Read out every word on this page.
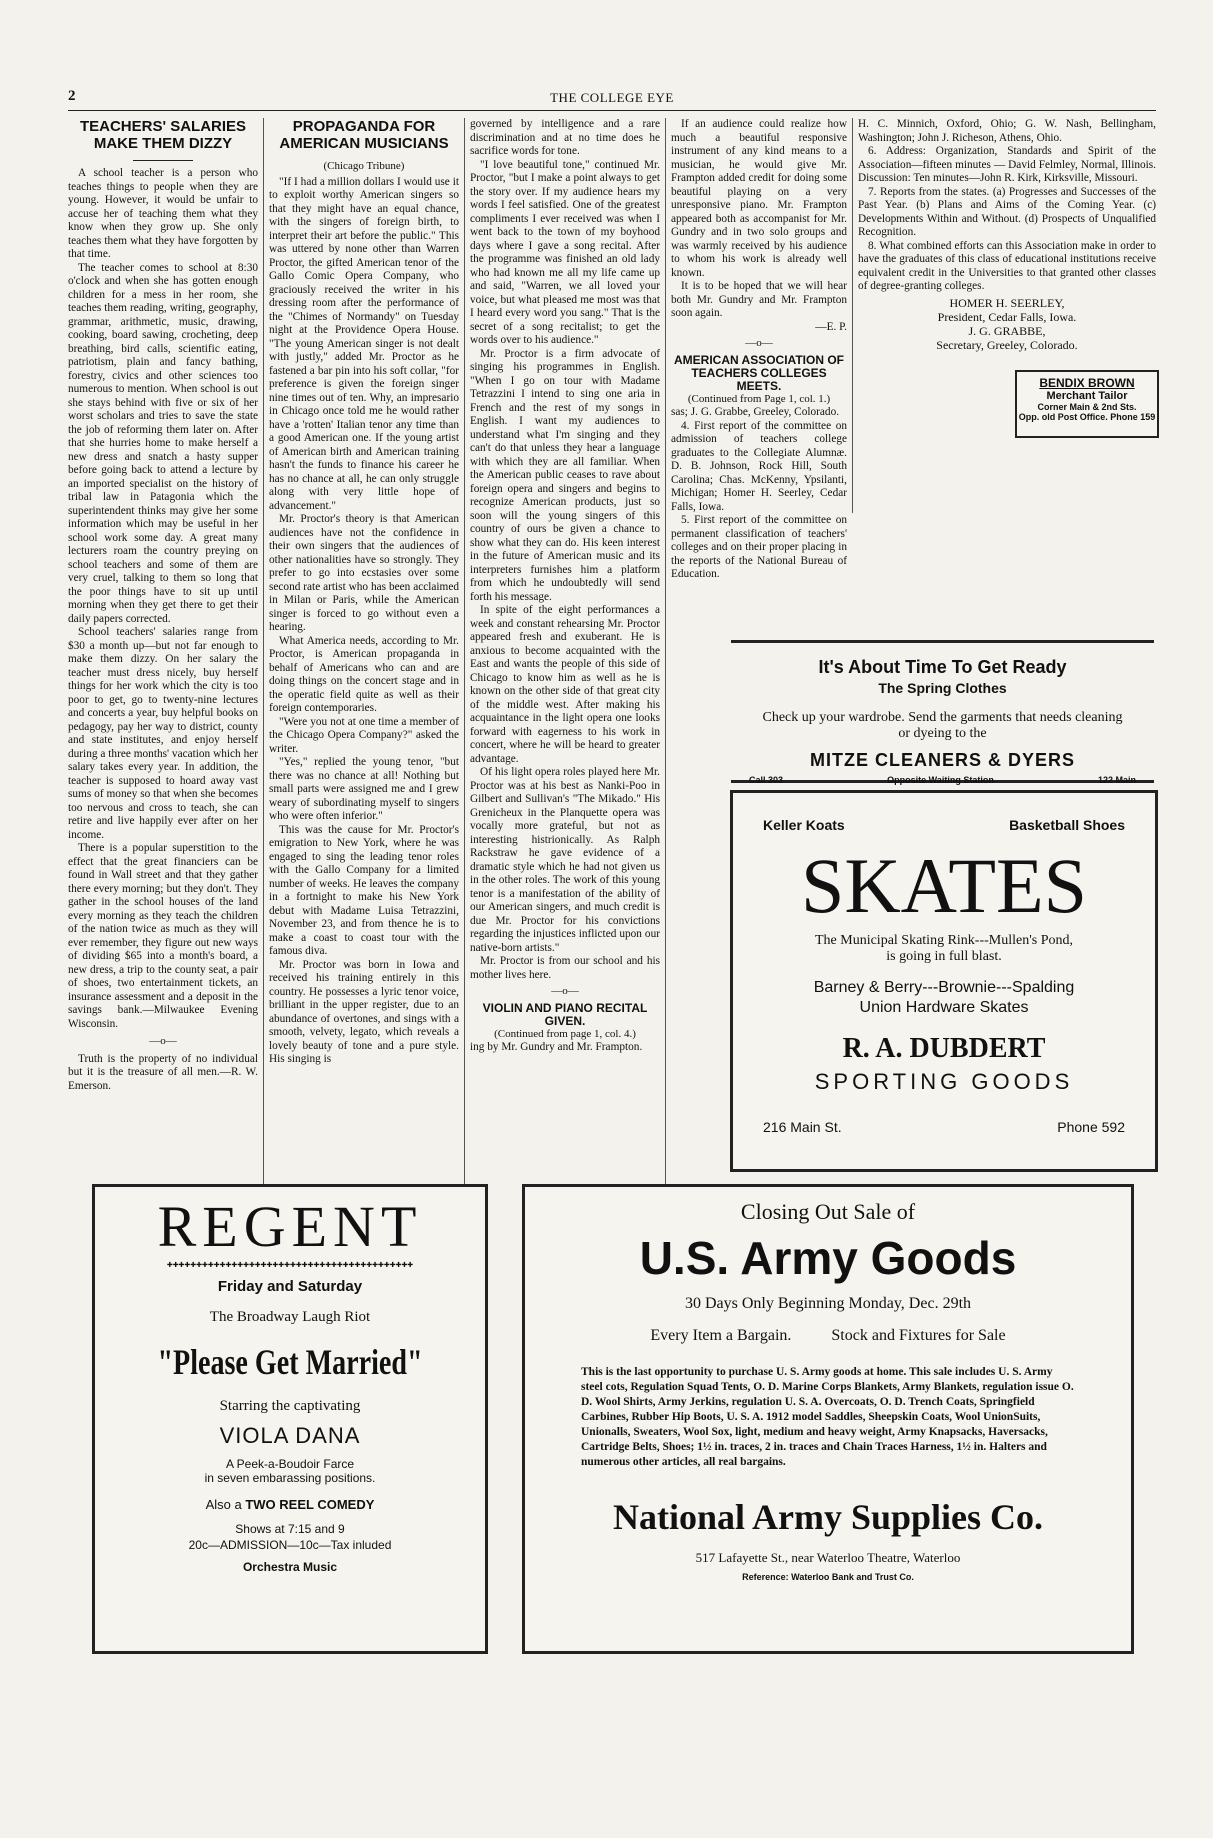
2	THE COLLEGE EYE
TEACHERS' SALARIES MAKE THEM DIZZY

A school teacher is a person who teaches things to people when they are young. However, it would be unfair to accuse her of teaching them what they know when they grow up. She only teaches them what they have forgotten by that time.

The teacher comes to school at 8:30 o'clock and when she has gotten enough children for a mess in her room, she teaches them reading, writing, geography, grammar, arithmetic, music, drawing, cooking, board sawing, crocheting, deep breathing, bird calls, scientific eating, patriotism, plain and fancy bathing, forestry, civics and other sciences too numerous to mention. When school is out she stays behind with five or six of her worst scholars and tries to save the state the job of reforming them later on. After that she hurries home to make herself a new dress and snatch a hasty supper before going back to attend a lecture by an imported specialist on the history of tribal law in Patagonia which the superintendent thinks may give her some information which may be useful in her school work some day. A great many lecturers roam the country preying on school teachers and some of them are very cruel, talking to them so long that the poor things have to sit up until morning when they get there to get their daily papers corrected.

School teachers' salaries range from $30 a month up—but not far enough to make them dizzy. On her salary the teacher must dress nicely, buy herself things for her work which the city is too poor to get, go to twenty-nine lectures and concerts a year, buy helpful books on pedagogy, pay her way to district, county and state institutes, and enjoy herself during a three months' vacation which her salary takes every year. In addition, the teacher is supposed to hoard away vast sums of money so that when she becomes too nervous and cross to teach, she can retire and live happily ever after on her income.

There is a popular superstition to the effect that the great financiers can be found in Wall street and that they gather there every morning; but they don't. They gather in the school houses of the land every morning as they teach the children of the nation twice as much as they will ever remember, they figure out new ways of dividing $65 into a month's board, a new dress, a trip to the county seat, a pair of shoes, two entertainment tickets, an insurance assessment and a deposit in the savings bank.—Milwaukee Evening Wisconsin.

—o—

Truth is the property of no individual but it is the treasure of all men.—R. W. Emerson.

PROPAGANDA FOR AMERICAN MUSICIANS
(Chicago Tribune)

"If I had a million dollars I would use it to exploit worthy American singers so that they might have an equal chance, with the singers of foreign birth, to interpret their art before the public." This was uttered by none other than Warren Proctor, the gifted American tenor of the Gallo Comic Opera Company, who graciously received the writer in his dressing room after the performance of the "Chimes of Normandy" on Tuesday night at the Providence Opera House. "The young American singer is not dealt with justly," added Mr. Proctor as he fastened a bar pin into his soft collar, "for preference is given the foreign singer nine times out of ten. Why, an impresario in Chicago once told me he would rather have a 'rotten' Italian tenor any time than a good American one. If the young artist of American birth and American training hasn't the funds to finance his career he has no chance at all, he can only struggle along with very little hope of advancement."

Mr. Proctor's theory is that American audiences have not the confidence in their own singers that the audiences of other nationalities have so strongly. They prefer to go into ecstasies over some second rate artist who has been acclaimed in Milan or Paris, while the American singer is forced to go without even a hearing.

What America needs, according to Mr. Proctor, is American propaganda in behalf of Americans who can and are doing things on the concert stage and in the operatic field quite as well as their foreign contemporaries.

"Were you not at one time a member of the Chicago Opera Company?" asked the writer.

"Yes," replied the young tenor, "but there was no chance at all! Nothing but small parts were assigned me and I grew weary of subordinating myself to singers who were often inferior."

This was the cause for Mr. Proctor's emigration to New York, where he was engaged to sing the leading tenor roles with the Gallo Company for a limited number of weeks. He leaves the company in a fortnight to make his New York debut with Madame Luisa Tetrazzini, November 23, and from thence he is to make a coast to coast tour with the famous diva.

Mr. Proctor was born in Iowa and received his training entirely in this country. He possesses a lyric tenor voice, brilliant in the upper register, due to an abundance of overtones, and sings with a smooth, velvety, legato, which reveals a lovely beauty of tone and a pure style. His singing is

governed by intelligence and a rare discrimination and at no time does he sacrifice words for tone.

"I love beautiful tone," continued Mr. Proctor, "but I make a point always to get the story over. If my audience hears my words I feel satisfied. One of the greatest compliments I ever received was when I went back to the town of my boyhood days where I gave a song recital. After the programme was finished an old lady who had known me all my life came up and said, "Warren, we all loved your voice, but what pleased me most was that I heard every word you sang." That is the secret of a song recitalist; to get the words over to his audience."

Mr. Proctor is a firm advocate of singing his programmes in English. "When I go on tour with Madame Tetrazzini I intend to sing one aria in French and the rest of my songs in English. I want my audiences to understand what I'm singing and they can't do that unless they hear a language with which they are all familiar. When the American public ceases to rave about foreign opera and singers and begins to recognize American products, just so soon will the young singers of this country of ours be given a chance to show what they can do. His keen interest in the future of American music and its interpreters furnishes him a platform from which he undoubtedly will send forth his message.

In spite of the eight performances a week and constant rehearsing Mr. Proctor appeared fresh and exuberant. He is anxious to become acquainted with the East and wants the people of this side of Chicago to know him as well as he is known on the other side of that great city of the middle west. After making his acquaintance in the light opera one looks forward with eagerness to his work in concert, where he will be heard to greater advantage.

Of his light opera roles played here Mr. Proctor was at his best as Nanki-Poo in Gilbert and Sullivan's "The Mikado." His Grenicheux in the Planquette opera was vocally more grateful, but not as interesting histrionically. As Ralph Rackstraw he gave evidence of a dramatic style which he had not given us in the other roles. The work of this young tenor is a manifestation of the ability of our American singers, and much credit is due Mr. Proctor for his convictions regarding the injustices inflicted upon our native-born artists."

Mr. Proctor is from our school and his mother lives here.

—o—
VIOLIN AND PIANO RECITAL GIVEN.
(Continued from page 1, col. 4.)

ing by Mr. Gundry and Mr. Frampton.

If an audience could realize how much a beautiful responsive instrument of any kind means to a musician, he would give Mr. Frampton added credit for doing some beautiful playing on a very unresponsive piano. Mr. Frampton appeared both as accompanist for Mr. Gundry and in two solo groups and was warmly received by his audience to whom his work is already well known.

It is to be hoped that we will hear both Mr. Gundry and Mr. Frampton soon again.

—E. P.
—o—
AMERICAN ASSOCIATION OF TEACHERS COLLEGES MEETS.
(Continued from Page 1, col. 1.)

sas; J. G. Grabbe, Greeley, Colorado.

4. First report of the committee on admission of teachers college graduates to the Collegiate Alumnæ. D. B. Johnson, Rock Hill, South Carolina; Chas. McKenny, Ypsilanti, Michigan; Homer H. Seerley, Cedar Falls, Iowa.

5. First report of the committee on permanent classification of teachers' colleges and on their proper placing in the reports of the National Bureau of Education.

H. C. Minnich, Oxford, Ohio; G. W. Nash, Bellingham, Washington; John J. Richeson, Athens, Ohio.

6. Address: Organization, Standards and Spirit of the Association—fifteen minutes — David Felmley, Normal, Illinois. Discussion: Ten minutes—John R. Kirk, Kirksville, Missouri.

7. Reports from the states. (a) Progresses and Successes of the Past Year. (b) Plans and Aims of the Coming Year. (c) Developments Within and Without. (d) Prospects of Unqualified Recognition.

8. What combined efforts can this Association make in order to have the graduates of this class of educational institutions receive equivalent credit in the Universities to that granted other classes of degree-granting colleges.

HOMER H. SEERLEY,
President, Cedar Falls, Iowa.
J. G. GRABBE,
Secretary, Greeley, Colorado.
BENDIX BROWN
Merchant Tailor
Corner Main & 2nd Sts.
Opp. old Post Office. Phone 159
It's About Time To Get Ready
The Spring Clothes
Check up your wardrobe. Send the garments that needs cleaning or dyeing to the
MITZE CLEANERS & DYERS
Call 303	Opposite Waiting Station	122 Main
Keller Koats	Basketball Shoes
SKATES
The Municipal Skating Rink---Mullen's Pond,
is going in full blast.
Barney & Berry---Brownie---Spalding
Union Hardware Skates
R. A. DUBDERT
SPORTING GOODS
216 Main St.	Phone 592
REGENT
✚✚✚✚✚✚✚✚✚✚✚✚✚✚✚✚✚✚✚✚✚✚✚✚✚✚✚✚✚✚✚✚✚✚✚✚✚✚✚✚✚✚
Friday and Saturday
The Broadway Laugh Riot
"Please Get Married"
Starring the captivating
VIOLA DANA
A Peek-a-Boudoir Farce
in seven embarassing positions.
Also a TWO REEL COMEDY
Shows at 7:15 and 9
20c—ADMISSION—10c—Tax inluded
Orchestra Music
Closing Out Sale of
U.S. Army Goods
30 Days Only Beginning Monday, Dec. 29th
Every Item a Bargain.	Stock and Fixtures for Sale
This is the last opportunity to purchase U. S. Army goods at home. This sale includes U. S. Army steel cots, Regulation Squad Tents, O. D. Marine Corps Blankets, Army Blankets, regulation issue O. D. Wool Shirts, Army Jerkins, regulation U. S. A. Overcoats, O. D. Trench Coats, Springfield Carbines, Rubber Hip Boots, U. S. A. 1912 model Saddles, Sheepskin Coats, Wool UnionSuits, Unionalls, Sweaters, Wool Sox, light, medium and heavy weight, Army Knapsacks, Haversacks, Cartridge Belts, Shoes; 1½ in. traces, 2 in. traces and Chain Traces Harness, 1½ in. Halters and numerous other articles, all real bargains.
National Army Supplies Co.
517 Lafayette St., near Waterloo Theatre, Waterloo
Reference: Waterloo Bank and Trust Co.
